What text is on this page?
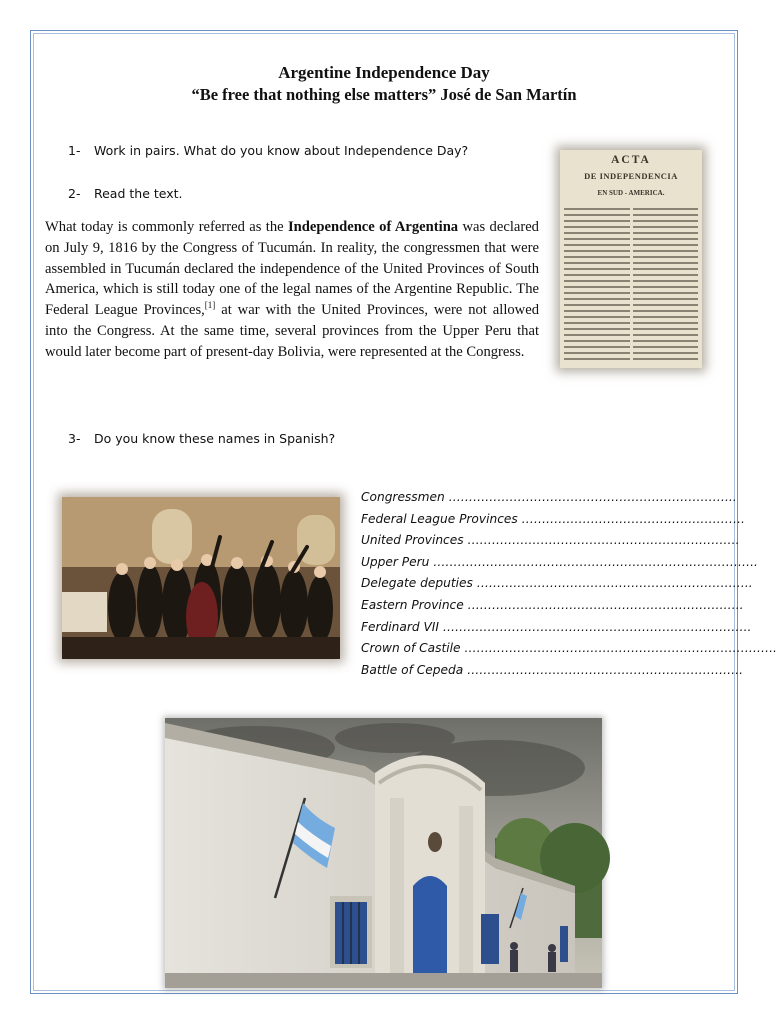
Argentine Independence Day
“Be free that nothing else matters” José de San Martín
1- Work in pairs. What do you know about Independence Day?
2- Read the text.
What today is commonly referred as the Independence of Argentina was declared on July 9, 1816 by the Congress of Tucumán. In reality, the congressmen that were assembled in Tucumán declared the independence of the United Provinces of South America, which is still today one of the legal names of the Argentine Republic. The Federal League Provinces,[1] at war with the United Provinces, were not allowed into the Congress. At the same time, several provinces from the Upper Peru that would later become part of present-day Bolivia, were represented at the Congress.
ACTA
DE INDEPENDENCIA
EN SUD - AMERICA.
3- Do you know these names in Spanish?
Congressmen ……………………………………………………………..
Federal League Provinces ……………………………………………….
United Provinces ………………………………………………………….
Upper Peru ……………………………………………………………………..
Delegate deputies …………………………………………………………..
Eastern Province …………………………………………………………..
Ferdinard VII ………………………………………………………………….
Crown of Castile …………………………………………………………………..
Battle of Cepeda …………………………………………………………..
